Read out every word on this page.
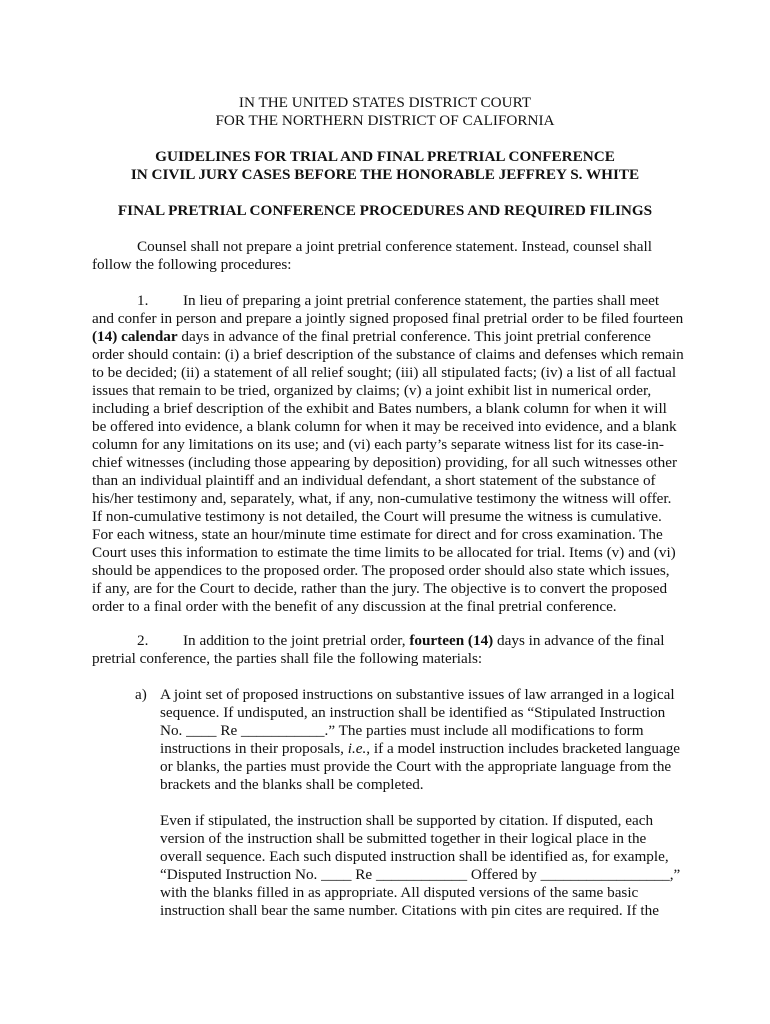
IN THE UNITED STATES DISTRICT COURT
FOR THE NORTHERN DISTRICT OF CALIFORNIA
GUIDELINES FOR TRIAL AND FINAL PRETRIAL CONFERENCE
IN CIVIL JURY CASES BEFORE THE HONORABLE JEFFREY S. WHITE
FINAL PRETRIAL CONFERENCE PROCEDURES AND REQUIRED FILINGS
Counsel shall not prepare a joint pretrial conference statement. Instead, counsel shall
follow the following procedures:
1. In lieu of preparing a joint pretrial conference statement, the parties shall meet
and confer in person and prepare a jointly signed proposed final pretrial order to be filed fourteen
(14) calendar days in advance of the final pretrial conference. This joint pretrial conference
order should contain: (i) a brief description of the substance of claims and defenses which remain
to be decided; (ii) a statement of all relief sought; (iii) all stipulated facts; (iv) a list of all factual
issues that remain to be tried, organized by claims; (v) a joint exhibit list in numerical order,
including a brief description of the exhibit and Bates numbers, a blank column for when it will
be offered into evidence, a blank column for when it may be received into evidence, and a blank
column for any limitations on its use; and (vi) each party’s separate witness list for its case-in-
chief witnesses (including those appearing by deposition) providing, for all such witnesses other
than an individual plaintiff and an individual defendant, a short statement of the substance of
his/her testimony and, separately, what, if any, non-cumulative testimony the witness will offer.
If non-cumulative testimony is not detailed, the Court will presume the witness is cumulative.
For each witness, state an hour/minute time estimate for direct and for cross examination. The
Court uses this information to estimate the time limits to be allocated for trial. Items (v) and (vi)
should be appendices to the proposed order. The proposed order should also state which issues,
if any, are for the Court to decide, rather than the jury. The objective is to convert the proposed
order to a final order with the benefit of any discussion at the final pretrial conference.
2. In addition to the joint pretrial order, fourteen (14) days in advance of the final
pretrial conference, the parties shall file the following materials:
a) A joint set of proposed instructions on substantive issues of law arranged in a logical
sequence. If undisputed, an instruction shall be identified as “Stipulated Instruction
No. ____ Re ___________.” The parties must include all modifications to form
instructions in their proposals, i.e., if a model instruction includes bracketed language
or blanks, the parties must provide the Court with the appropriate language from the
brackets and the blanks shall be completed.
Even if stipulated, the instruction shall be supported by citation. If disputed, each
version of the instruction shall be submitted together in their logical place in the
overall sequence. Each such disputed instruction shall be identified as, for example,
“Disputed Instruction No. ____ Re ____________ Offered by _________________,”
with the blanks filled in as appropriate. All disputed versions of the same basic
instruction shall bear the same number. Citations with pin cites are required. If the
